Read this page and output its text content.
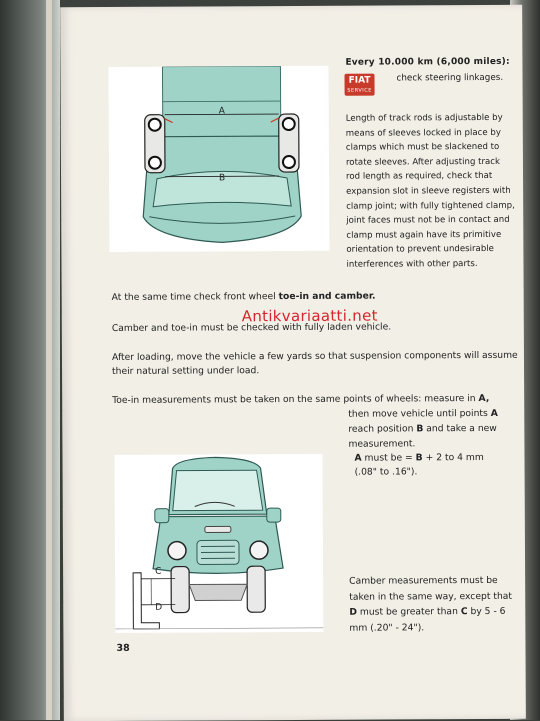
A
B
Every 10.000 km (6,000 miles):
FIAT
SERVICE
check steering linkages.
Length of track rods is adjustable by means of sleeves locked in place by clamps which must be slackened to rotate sleeves. After adjusting track rod length as required, check that expansion slot in sleeve registers with clamp joint; with fully tightened clamp, joint faces must not be in contact and clamp must again have its primitive orientation to prevent undesirable interferences with other parts.
At the same time check front wheel toe-in and camber.
Camber and toe-in must be checked with fully laden vehicle.
After loading, move the vehicle a few yards so that suspension components will assume their natural setting under load.
Toe-in measurements must be taken on the same points of wheels: measure in A,
then move vehicle until points A reach position B and take a new measurement.
A must be = B + 2 to 4 mm
(.08" to .16").
C
D
Camber measurements must be taken in the same way, except that D must be greater than C by 5 - 6 mm (.20" - 24").
38
Antikvariaatti.net
